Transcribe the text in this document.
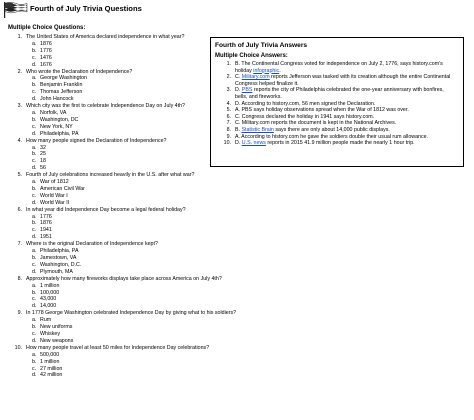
Fourth of July Trivia Questions
Multiple Choice Questions:
1. The United States of America declared independence in what year?
a. 1876
b. 1776
c. 1476
d. 1676
2. Who wrote the Declaration of Independence?
a. George Washington
b. Benjamin Franklin
c. Thomas Jefferson
d. John Hancock
3. Which city was the first to celebrate Independence Day on July 4th?
a. Norfolk, VA
b. Washington, DC
c. New York, NY
d. Philadelphia, PA
4. How many people signed the Declaration of Independence?
a. 32
b. 25
c. 18
d. 56
5. Fourth of July celebrations increased heavily in the U.S. after what war?
a. War of 1812
b. American Civil War
c. World War I
d. World War II
6. In what year did Independence Day become a legal federal holiday?
a. 1776
b. 1876
c. 1941
d. 1951
7. Where is the original Declaration of Independence kept?
a. Philadelphia, PA
b. Jamestown, VA
c. Washington, D.C.
d. Plymouth, MA
8. Approximately how many fireworks displays take place across America on July 4th?
a. 1 million
b. 100,000
c. 43,000
d. 14,000
9. In 1778 George Washington celebrated Independence Day by giving what to his soldiers?
a. Rum
b. New uniforms
c. Whiskey
d. New weapons
10. How many people travel at least 50 miles for Independence Day celebrations?
a. 500,000
b. 1 million
c. 27 million
d. 42 million
Fourth of July Trivia Answers
Multiple Choice Answers:
1. B. The Continental Congress voted for independence on July 2, 1776, says history.com's holiday infographic.
2. C. Military.com reports Jefferson was tasked with its creation although the entire Continental Congress helped finalize it.
3. D. PBS reports the city of Philadelphia celebrated the one-year anniversary with bonfires, bells, and fireworks.
4. D. According to history.com, 56 men signed the Declaration.
5. A. PBS says holiday observations spread when the War of 1812 was over.
6. C. Congress declared the holiday in 1941 says history.com.
7. C. Military.com reports the document is kept in the National Archives.
8. B. Statistic Brain says there are only about 14,000 public displays.
9. A. According to history.com he gave the soldiers double their usual rum allowance.
10. D. U.S. news reports in 2015 41.9 million people made the nearly 1 hour trip.
